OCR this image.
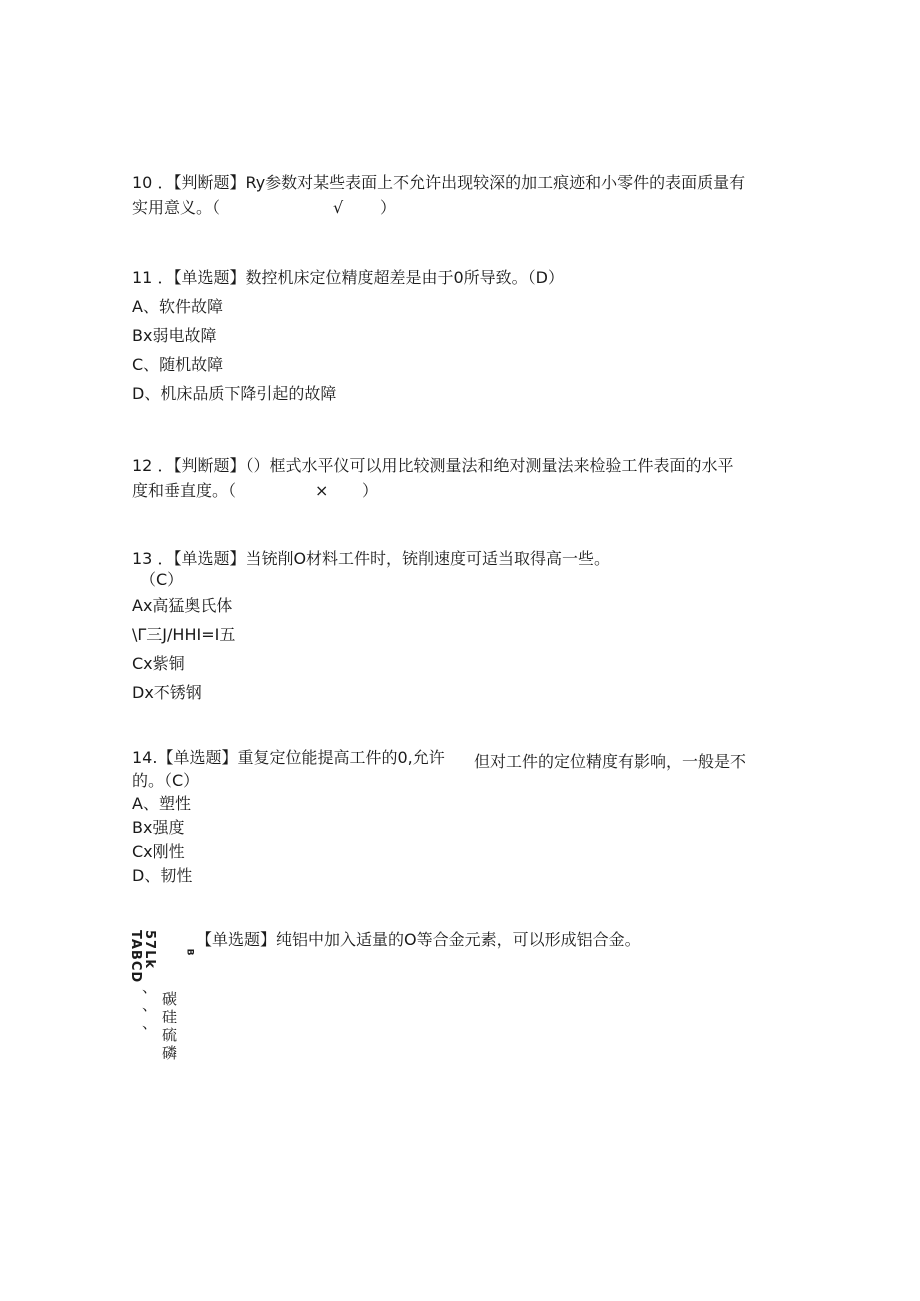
10 ．【判断题】Ry参数对某些表面上不允许出现较深的加工痕迹和小零件的表面质量有
实用意义。（	√ ）
11 ．【单选题】数控机床定位精度超差是由于0所导致。（D）
A、软件故障
Bx弱电故障
C、随机故障
D、机床品质下降引起的故障
12 ．【判断题】（）框式水平仪可以用比较测量法和绝对测量法来检验工件表面的水平
度和垂直度。（	× ）
13 ．【单选题】当铳削O材料工件时，铳削速度可适当取得高一些。
（C）
Ax高猛奥氏体
\Γ三J/HHI=I五
Cx紫铜
Dx不锈钢
14.【单选题】重复定位能提高工件的0,允许 但对工件的定位精度有影响，一般是不
的。（C）
A、塑性
Bx强度
Cx刚性
D、韧性
57Lk
TABCD	B
【单选题】纯铝中加入适量的O等合金元素，可以形成铝合金。
、
、
、
碳
硅
硫
磷
